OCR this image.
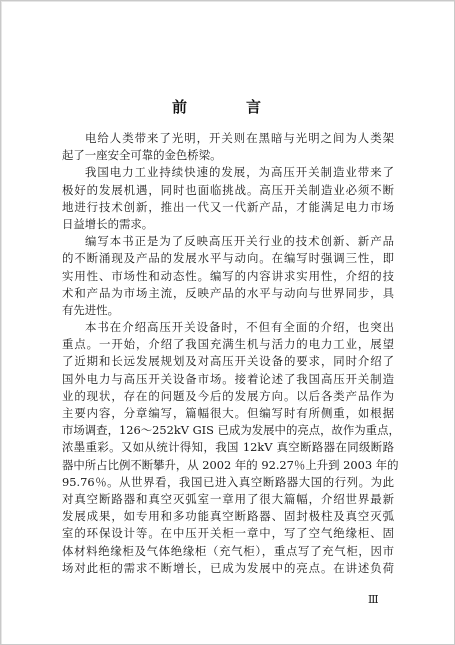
前　言
电给人类带来了光明，开关则在黑暗与光明之间为人类架
起了一座安全可靠的金色桥梁。
我国电力工业持续快速的发展，为高压开关制造业带来了
极好的发展机遇，同时也面临挑战。高压开关制造业必须不断
地进行技术创新，推出一代又一代新产品，才能满足电力市场
日益增长的需求。
编写本书正是为了反映高压开关行业的技术创新、新产品
的不断涌现及产品的发展水平与动向。在编写时强调三性，即
实用性、市场性和动态性。编写的内容讲求实用性，介绍的技
术和产品为市场主流，反映产品的水平与动向与世界同步，具
有先进性。
本书在介绍高压开关设备时，不但有全面的介绍，也突出
重点。一开始，介绍了我国充满生机与活力的电力工业，展望
了近期和长远发展规划及对高压开关设备的要求，同时介绍了
国外电力与高压开关设备市场。接着论述了我国高压开关制造
业的现状，存在的问题及今后的发展方向。以后各类产品作为
主要内容，分章编写，篇幅很大。但编写时有所侧重，如根据
市场调查，126～252kV GIS 已成为发展中的亮点，故作为重点，
浓墨重彩。又如从统计得知，我国 12kV 真空断路器在同级断路
器中所占比例不断攀升，从 2002 年的 92.27％上升到 2003 年的
95.76％。从世界看，我国已进入真空断路器大国的行列。为此
对真空断路器和真空灭弧室一章用了很大篇幅，介绍世界最新
发展成果，如专用和多功能真空断路器、固封极柱及真空灭弧
室的环保设计等。在中压开关柜一章中，写了空气绝缘柜、固
体材料绝缘柜及气体绝缘柜（充气柜），重点写了充气柜，因市
场对此柜的需求不断增长，已成为发展中的亮点。在讲述负荷
Ⅲ
